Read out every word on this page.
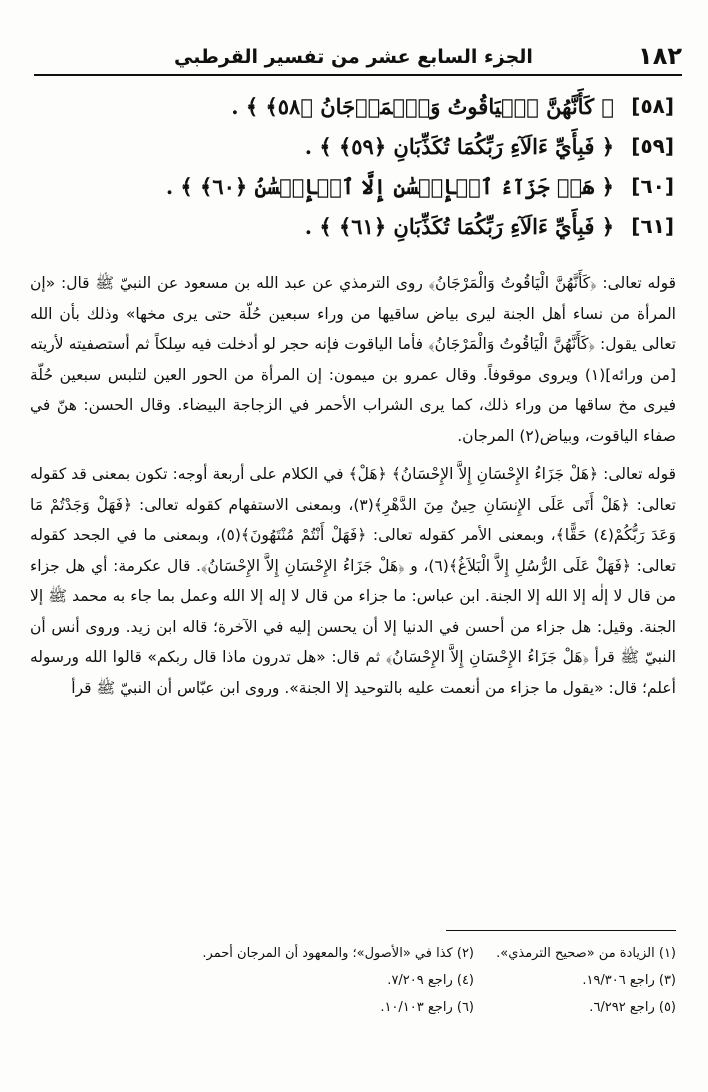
١٨٢
الجزء السابع عشر من تفسير القرطبي
[٥٨]
﴿ كَأَنَّهُنَّ ٱلۡيَاقُوتُ وَٱلۡمَرۡجَانُ ﴿٥٨﴾ ﴾ .
[٥٩]
﴿ فَبِأَيِّ ءَالَآءِ رَبِّكُمَا تُكَذِّبَانِ ﴿٥٩﴾ ﴾ .
[٦٠]
﴿ هَلۡ جَزَآءُ ٱلۡإِحۡسَٰنِ إِلَّا ٱلۡإِحۡسَٰنُ ﴿٦٠﴾ ﴾ .
[٦١]
﴿ فَبِأَيِّ ءَالَآءِ رَبِّكُمَا تُكَذِّبَانِ ﴿٦١﴾ ﴾ .

قوله تعالى: ﴿كَأَنَّهُنَّ الْيَاقُوتُ وَالْمَرْجَانُ﴾ روى الترمذي عن عبد الله بن مسعود عن النبيّ ﷺ قال: «إن المرأة من نساء أهل الجنة ليرى بياض ساقيها من وراء سبعين حُلّة حتى يرى مخها» وذلك بأن الله تعالى يقول: ﴿كَأَنَّهُنَّ الْيَاقُوتُ وَالْمَرْجَانُ﴾ فأما الياقوت فإنه حجر لو أدخلت فيه سِلكاً ثم أستصفيته لأريته [من ورائه](١) ويروى موقوفاً. وقال عمرو بن ميمون: إن المرأة من الحور العين لتلبس سبعين حُلّة فيرى مخ ساقها من وراء ذلك، كما يرى الشراب الأحمر في الزجاجة البيضاء. وقال الحسن: هنّ في صفاء الياقوت، وبياض(٢) المرجان.

قوله تعالى: ﴿هَلْ جَزَاءُ الإِحْسَانِ إِلاَّ الإِحْسَانُ﴾ ﴿هَلْ﴾ في الكلام على أربعة أوجه: تكون بمعنى قد كقوله تعالى: ﴿هَلْ أَتَى عَلَى الإِنسَانِ حِينٌ مِنَ الدَّهْرِ﴾(٣)، وبمعنى الاستفهام كقوله تعالى: ﴿فَهَلْ وَجَدْتُمْ مَا وَعَدَ رَبُّكُمْ(٤) حَقًّا﴾، وبمعنى الأمر كقوله تعالى: ﴿فَهَلْ أَنْتُمْ مُنْتَهُونَ﴾(٥)، وبمعنى ما في الجحد كقوله تعالى: ﴿فَهَلْ عَلَى الرُّسُلِ إِلاَّ الْبَلاَغُ﴾(٦)، و ﴿هَلْ جَزَاءُ الإِحْسَانِ إِلاَّ الإِحْسَانُ﴾. قال عكرمة: أي هل جزاء من قال لا إلٰه إلا الله إلا الجنة. ابن عباس: ما جزاء من قال لا إله إلا الله وعمل بما جاء به محمد ﷺ إلا الجنة. وقيل: هل جزاء من أحسن في الدنيا إلا أن يحسن إليه في الآخرة؛ قاله ابن زيد. وروى أنس أن النبيّ ﷺ قرأ ﴿هَلْ جَزَاءُ الإِحْسَانِ إِلاَّ الإِحْسَانُ﴾ ثم قال: «هل تدرون ماذا قال ربكم» قالوا الله ورسوله أعلم؛ قال: «يقول ما جزاء من أنعمت عليه بالتوحيد إلا الجنة». وروى ابن عبّاس أن النبيّ ﷺ قرأ

(١) الزيادة من «صحيح الترمذي».
(٢) كذا في «الأصول»؛ والمعهود أن المرجان أحمر.
(٣) راجع ١٩/٣٠٦.
(٤) راجع ٧/٢٠٩.
(٥) راجع ٦/٢٩٢.
(٦) راجع ١٠/١٠٣.
